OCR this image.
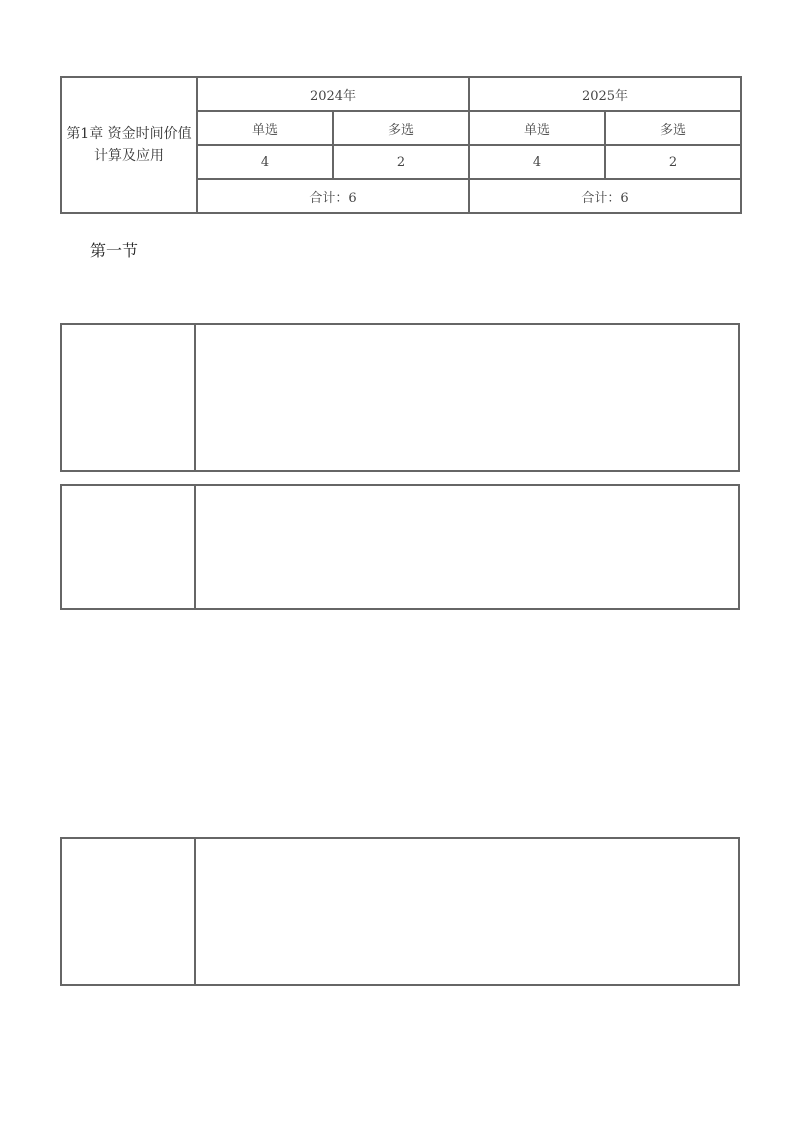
第1章 资金时间价值计算及应用	2024年		2025年	
	单选	多选	单选	多选
	4	2	4	2
	合计：6		合计：6	
第一节
